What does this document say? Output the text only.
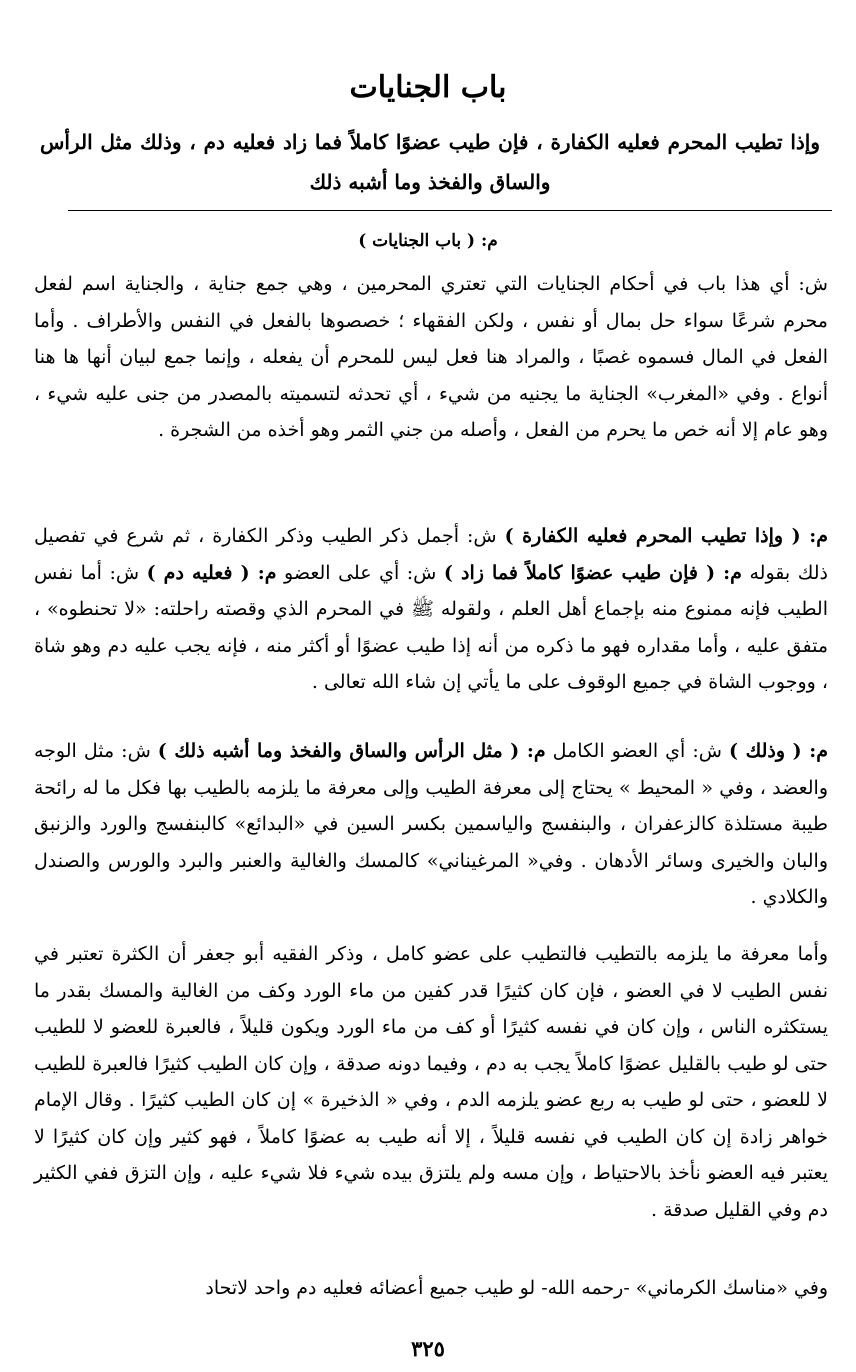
باب الجنايات
وإذا تطيب المحرم فعليه الكفارة ، فإن طيب عضوًا كاملاً فما زاد فعليه دم ، وذلك مثل الرأس والساق والفخذ وما أشبه ذلك
م: ( باب الجنايات )
ش: أي هذا باب في أحكام الجنايات التي تعتري المحرمين ، وهي جمع جناية ، والجناية اسم لفعل محرم شرعًا سواء حل بمال أو نفس ، ولكن الفقهاء ؛ خصصوها بالفعل في النفس والأطراف . وأما الفعل في المال فسموه غصبًا ، والمراد هنا فعل ليس للمحرم أن يفعله ، وإنما جمع لبيان أنها ها هنا أنواع . وفي «المغرب» الجناية ما يجنيه من شيء ، أي تحدثه لتسميته بالمصدر من جنى عليه شيء ، وهو عام إلا أنه خص ما يحرم من الفعل ، وأصله من جني الثمر وهو أخذه من الشجرة .
م: ( وإذا تطيب المحرم فعليه الكفارة ) ش: أجمل ذكر الطيب وذكر الكفارة ، ثم شرع في تفصيل ذلك بقوله م: ( فإن طيب عضوًا كاملاً فما زاد ) ش: أي على العضو م: ( فعليه دم ) ش: أما نفس الطيب فإنه ممنوع منه بإجماع أهل العلم ، ولقوله ﷺ في المحرم الذي وقصته راحلته: «لا تحنطوه» ، متفق عليه ، وأما مقداره فهو ما ذكره من أنه إذا طيب عضوًا أو أكثر منه ، فإنه يجب عليه دم وهو شاة ، ووجوب الشاة في جميع الوقوف على ما يأتي إن شاء الله تعالى .
م: ( وذلك ) ش: أي العضو الكامل م: ( مثل الرأس والساق والفخذ وما أشبه ذلك ) ش: مثل الوجه والعضد ، وفي « المحيط » يحتاج إلى معرفة الطيب وإلى معرفة ما يلزمه بالطيب بها فكل ما له رائحة طيبة مستلذة كالزعفران ، والبنفسج والياسمين بكسر السين في «البدائع» كالبنفسج والورد والزنبق والبان والخيرى وسائر الأدهان . وفي« المرغيناني» كالمسك والغالية والعنبر والبرد والورس والصندل والكلادي .
وأما معرفة ما يلزمه بالتطيب فالتطيب على عضو كامل ، وذكر الفقيه أبو جعفر أن الكثرة تعتبر في نفس الطيب لا في العضو ، فإن كان كثيرًا قدر كفين من ماء الورد وكف من الغالية والمسك بقدر ما يستكثره الناس ، وإن كان في نفسه كثيرًا أو كف من ماء الورد ويكون قليلاً ، فالعبرة للعضو لا للطيب حتى لو طيب بالقليل عضوًا كاملاً يجب به دم ، وفيما دونه صدقة ، وإن كان الطيب كثيرًا فالعبرة للطيب لا للعضو ، حتى لو طيب به ربع عضو يلزمه الدم ، وفي « الذخيرة » إن كان الطيب كثيرًا . وقال الإمام خواهر زادة إن كان الطيب في نفسه قليلاً ، إلا أنه طيب به عضوًا كاملاً ، فهو كثير وإن كان كثيرًا لا يعتبر فيه العضو نأخذ بالاحتياط ، وإن مسه ولم يلتزق بيده شيء فلا شيء عليه ، وإن التزق ففي الكثير دم وفي القليل صدقة .
وفي «مناسك الكرماني» -رحمه الله- لو طيب جميع أعضائه فعليه دم واحد لاتحاد
٣٢٥
